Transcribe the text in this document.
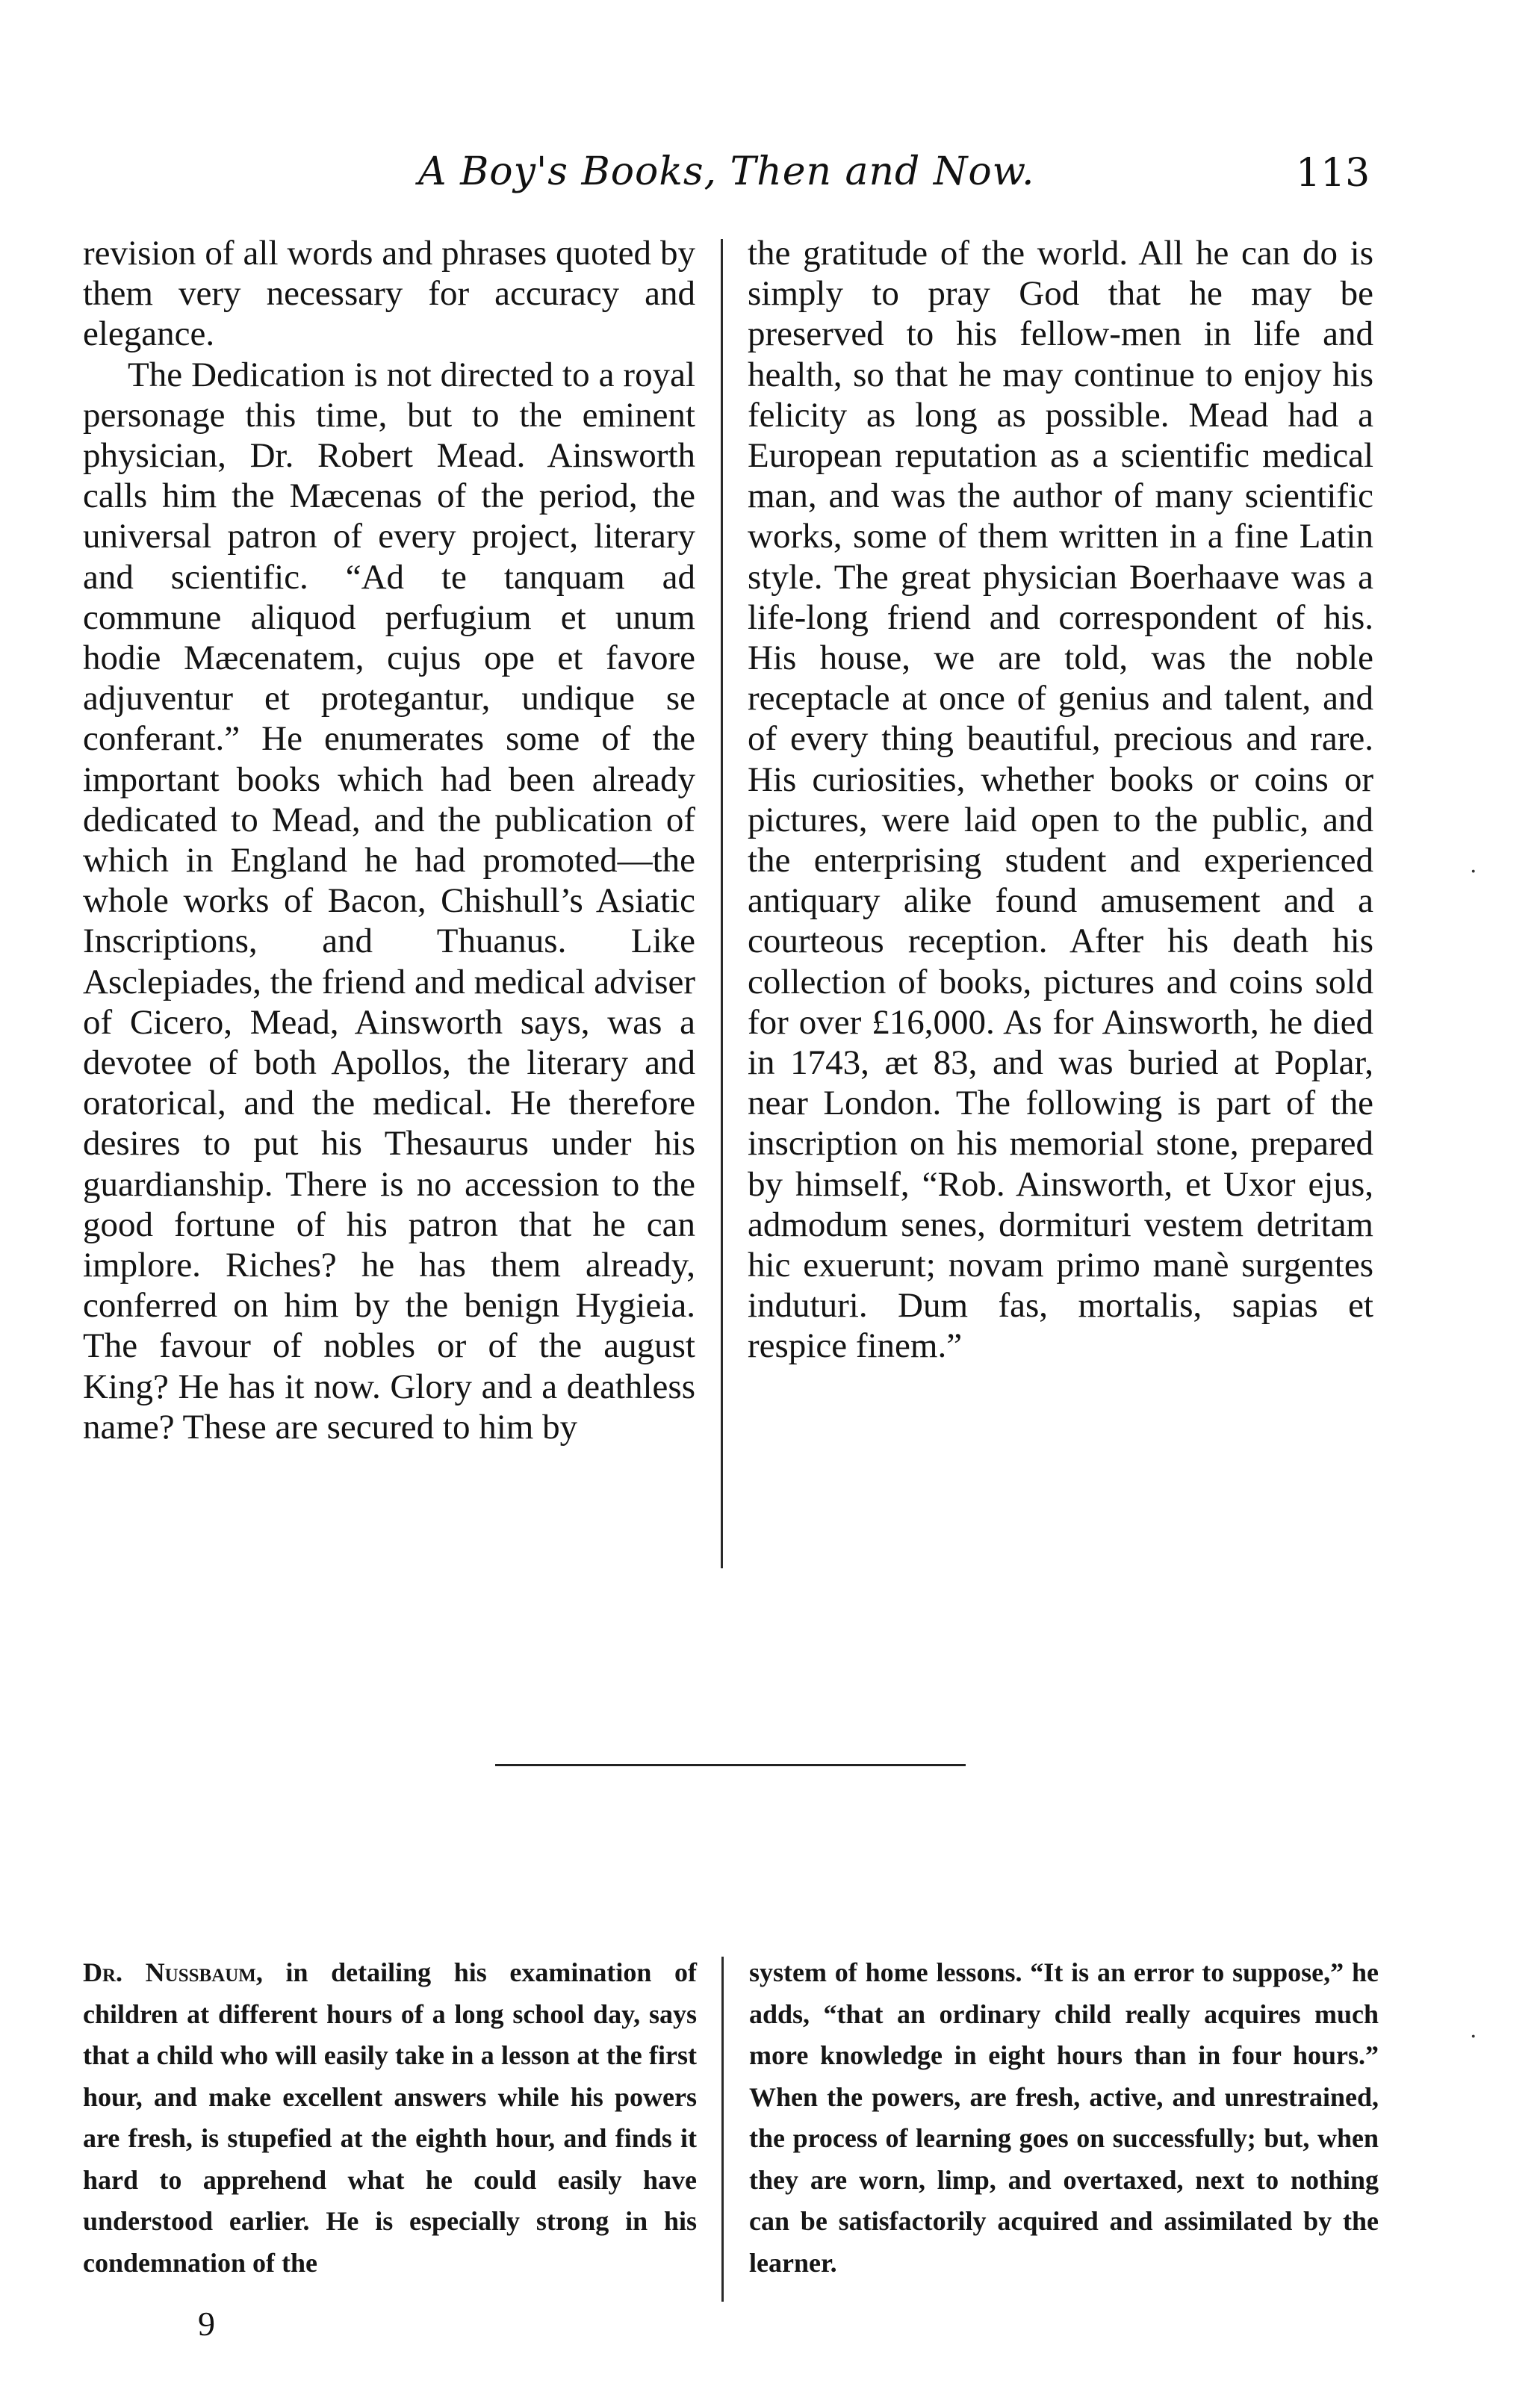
A Boy's Books, Then and Now.	113

revision of all words and phrases quoted by them very necessary for accuracy and elegance.

The Dedication is not directed to a royal personage this time, but to the eminent physician, Dr. Robert Mead. Ainsworth calls him the Mæcenas of the period, the universal patron of every project, literary and scientific. “Ad te tanquam ad commune aliquod perfugium et unum hodie Mæcenatem, cujus ope et favore adjuventur et protegantur, undique se conferant.” He enumerates some of the important books which had been already dedicated to Mead, and the publication of which in England he had promoted—the whole works of Bacon, Chishull’s Asiatic Inscriptions, and Thuanus. Like Asclepiades, the friend and medical adviser of Cicero, Mead, Ainsworth says, was a devotee of both Apollos, the literary and oratorical, and the medical. He therefore desires to put his Thesaurus under his guardianship. There is no accession to the good fortune of his patron that he can implore. Riches? he has them already, conferred on him by the benign Hygieia. The favour of nobles or of the august King? He has it now. Glory and a deathless name? These are secured to him by

the gratitude of the world. All he can do is simply to pray God that he may be preserved to his fellow-men in life and health, so that he may continue to enjoy his felicity as long as possible. Mead had a European reputation as a scientific medical man, and was the author of many scientific works, some of them written in a fine Latin style. The great physician Boerhaave was a life-long friend and correspondent of his. His house, we are told, was the noble receptacle at once of genius and talent, and of every thing beautiful, precious and rare. His curiosities, whether books or coins or pictures, were laid open to the public, and the enterprising student and experienced antiquary alike found amusement and a courteous reception. After his death his collection of books, pictures and coins sold for over £16,000. As for Ainsworth, he died in 1743, æt 83, and was buried at Poplar, near London. The following is part of the inscription on his memorial stone, prepared by himself, “Rob. Ainsworth, et Uxor ejus, admodum senes, dormituri vestem detritam hic exuerunt; novam primo manè surgentes induturi. Dum fas, mortalis, sapias et respice finem.”

Dr. Nussbaum, in detailing his examination of children at different hours of a long school day, says that a child who will easily take in a lesson at the first hour, and make excellent answers while his powers are fresh, is stupefied at the eighth hour, and finds it hard to apprehend what he could easily have understood earlier. He is especially strong in his condemnation of the

system of home lessons. “It is an error to suppose,” he adds, “that an ordinary child really acquires much more knowledge in eight hours than in four hours.” When the powers, are fresh, active, and unrestrained, the process of learning goes on successfully; but, when they are worn, limp, and overtaxed, next to nothing can be satisfactorily acquired and assimilated by the learner.

9
·
·
